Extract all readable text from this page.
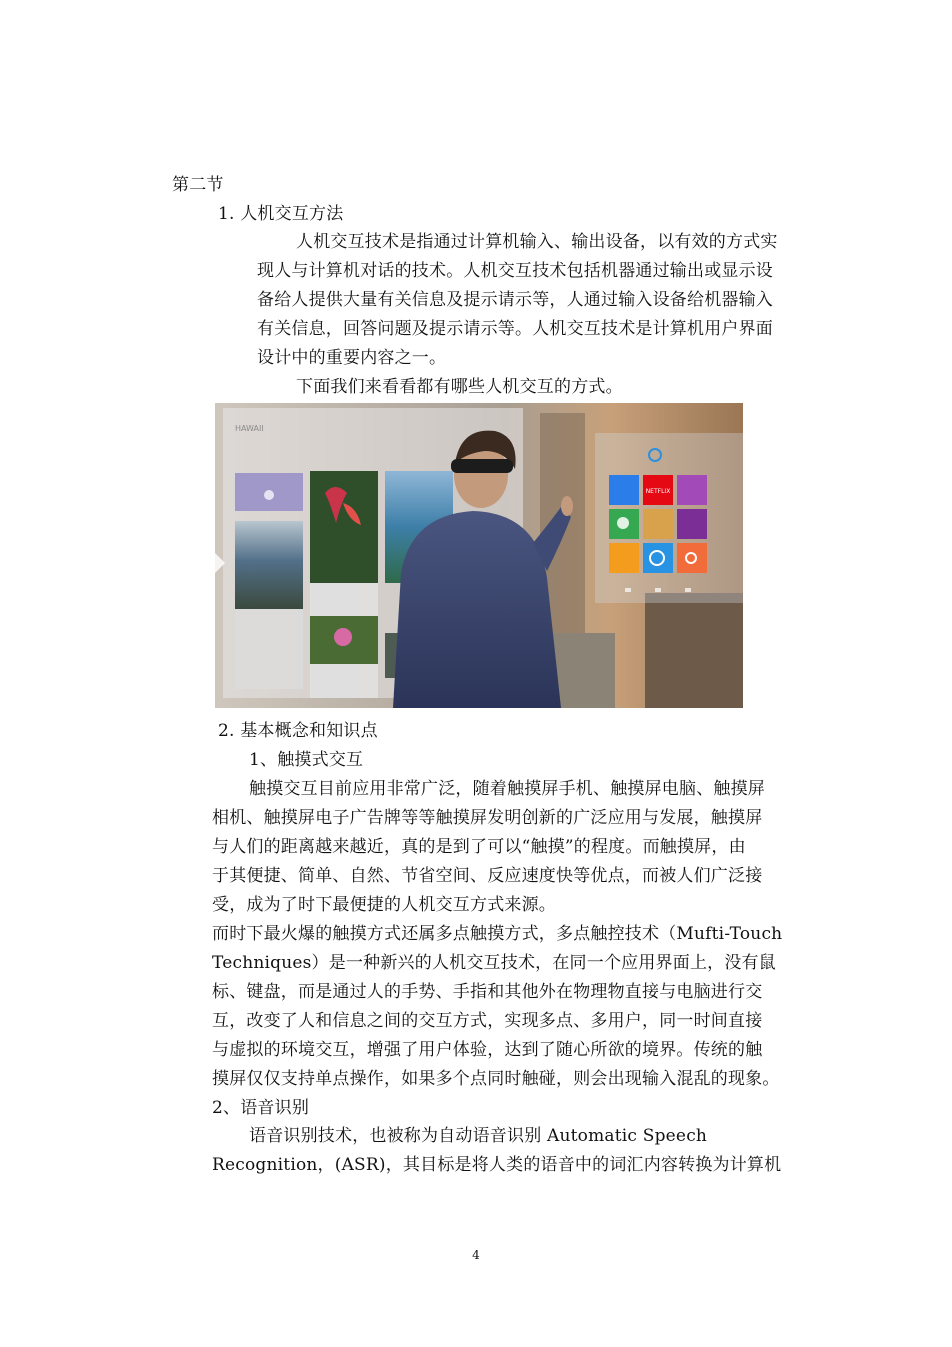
第二节
1. 人机交互方法
人机交互技术是指通过计算机输入、输出设备，以有效的方式实
现人与计算机对话的技术。人机交互技术包括机器通过输出或显示设
备给人提供大量有关信息及提示请示等，人通过输入设备给机器输入
有关信息，回答问题及提示请示等。人机交互技术是计算机用户界面
设计中的重要内容之一。
下面我们来看看都有哪些人机交互的方式。
HAWAII
NETFLIX
2. 基本概念和知识点
1、触摸式交互
触摸交互目前应用非常广泛，随着触摸屏手机、触摸屏电脑、触摸屏
相机、触摸屏电子广告牌等等触摸屏发明创新的广泛应用与发展，触摸屏
与人们的距离越来越近，真的是到了可以“触摸”的程度。而触摸屏，由
于其便捷、简单、自然、节省空间、反应速度快等优点，而被人们广泛接
受，成为了时下最便捷的人机交互方式来源。
而时下最火爆的触摸方式还属多点触摸方式，多点触控技术（Mufti-Touch
Techniques）是一种新兴的人机交互技术，在同一个应用界面上，没有鼠
标、键盘，而是通过人的手势、手指和其他外在物理物直接与电脑进行交
互，改变了人和信息之间的交互方式，实现多点、多用户，同一时间直接
与虚拟的环境交互，增强了用户体验，达到了随心所欲的境界。传统的触
摸屏仅仅支持单点操作，如果多个点同时触碰，则会出现输入混乱的现象。
2、语音识别
语音识别技术，也被称为自动语音识别 Automatic Speech
Recognition，(ASR)，其目标是将人类的语音中的词汇内容转换为计算机
4
